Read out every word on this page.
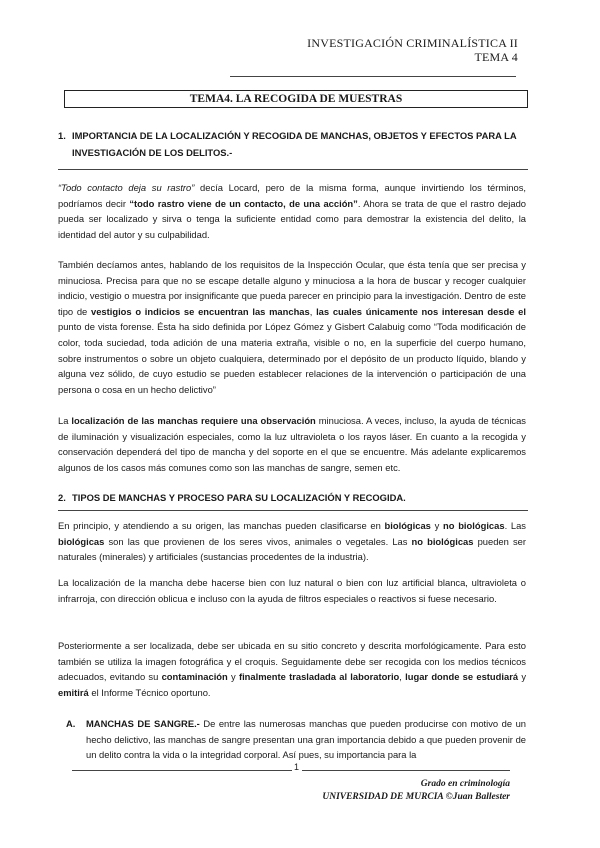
INVESTIGACIÓN CRIMINALÍSTICA II
TEMA 4
TEMA4. LA RECOGIDA DE MUESTRAS
1. IMPORTANCIA DE LA LOCALIZACIÓN Y RECOGIDA DE MANCHAS, OBJETOS Y EFECTOS PARA LA INVESTIGACIÓN DE LOS DELITOS.-

“Todo contacto deja su rastro” decía Locard, pero de la misma forma, aunque invirtiendo los términos, podríamos decir “todo rastro viene de un contacto, de una acción”. Ahora se trata de que el rastro dejado pueda ser localizado y sirva o tenga la suficiente entidad como para demostrar la existencia del delito, la identidad del autor y su culpabilidad.

También decíamos antes, hablando de los requisitos de la Inspección Ocular, que ésta tenía que ser precisa y minuciosa. Precisa para que no se escape detalle alguno y minuciosa a la hora de buscar y recoger cualquier indicio, vestigio o muestra por insignificante que pueda parecer en principio para la investigación. Dentro de este tipo de vestigios o indicios se encuentran las manchas, las cuales únicamente nos interesan desde el punto de vista forense. Ésta ha sido definida por López Gómez y Gisbert Calabuig como “Toda modificación de color, toda suciedad, toda adición de una materia extraña, visible o no, en la superficie del cuerpo humano, sobre instrumentos o sobre un objeto cualquiera, determinado por el depósito de un producto líquido, blando y alguna vez sólido, de cuyo estudio se pueden establecer relaciones de la intervención o participación de una persona o cosa en un hecho delictivo”

La localización de las manchas requiere una observación minuciosa. A veces, incluso, la ayuda de técnicas de iluminación y visualización especiales, como la luz ultravioleta o los rayos láser. En cuanto a la recogida y conservación dependerá del tipo de mancha y del soporte en el que se encuentre. Más adelante explicaremos algunos de los casos más comunes como son las manchas de sangre, semen etc.

2. TIPOS DE MANCHAS Y PROCESO PARA SU LOCALIZACIÓN Y RECOGIDA.

En principio, y atendiendo a su origen, las manchas pueden clasificarse en biológicas y no biológicas. Las biológicas son las que provienen de los seres vivos, animales o vegetales. Las no biológicas pueden ser naturales (minerales) y artificiales (sustancias procedentes de la industria).

La localización de la mancha debe hacerse bien con luz natural o bien con luz artificial blanca, ultravioleta o infrarroja, con dirección oblicua e incluso con la ayuda de filtros especiales o reactivos si fuese necesario.

Posteriormente a ser localizada, debe ser ubicada en su sitio concreto y descrita morfológicamente. Para esto también se utiliza la imagen fotográfica y el croquis. Seguidamente debe ser recogida con los medios técnicos adecuados, evitando su contaminación y finalmente trasladada al laboratorio, lugar donde se estudiará y emitirá el Informe Técnico oportuno.

A. MANCHAS DE SANGRE.- De entre las numerosas manchas que pueden producirse con motivo de un hecho delictivo, las manchas de sangre presentan una gran importancia debido a que pueden provenir de un delito contra la vida o la integridad corporal. Así pues, su importancia para la
1
Grado en criminología
UNIVERSIDAD DE MURCIA ©Juan Ballester
